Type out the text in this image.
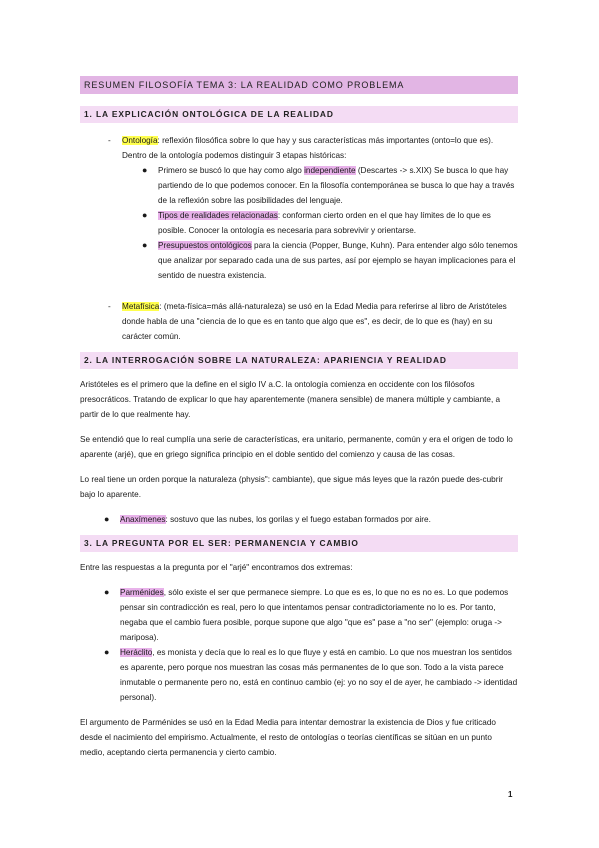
RESUMEN FILOSOFÍA TEMA 3: LA REALIDAD COMO PROBLEMA
1. LA EXPLICACIÓN ONTOLÓGICA DE LA REALIDAD
- Ontología: reflexión filosófica sobre lo que hay y sus características más importantes (onto=lo que es). Dentro de la ontología podemos distinguir 3 etapas históricas:
● Primero se buscó lo que hay como algo independiente (Descartes -> s.XIX) Se busca lo que hay partiendo de lo que podemos conocer. En la filosofía contemporánea se busca lo que hay a través de la reflexión sobre las posibilidades del lenguaje.
● Tipos de realidades relacionadas: conforman cierto orden en el que hay límites de lo que es posible. Conocer la ontología es necesaria para sobrevivir y orientarse.
● Presupuestos ontológicos para la ciencia (Popper, Bunge, Kuhn). Para entender algo sólo tenemos que analizar por separado cada una de sus partes, así por ejemplo se hayan implicaciones para el sentido de nuestra existencia.
- Metafísica: (meta-física=más allá-naturaleza) se usó en la Edad Media para referirse al libro de Aristóteles donde habla de una "ciencia de lo que es en tanto que algo que es", es decir, de lo que es (hay) en su carácter común.
2. LA INTERROGACIÓN SOBRE LA NATURALEZA: APARIENCIA Y REALIDAD

Aristóteles es el primero que la define en el siglo IV a.C. la ontología comienza en occidente con los filósofos presocráticos. Tratando de explicar lo que hay aparentemente (manera sensible) de manera múltiple y cambiante, a partir de lo que realmente hay.

Se entendió que lo real cumplía una serie de características, era unitario, permanente, común y era el origen de todo lo aparente (arjé), que en griego significa principio en el doble sentido del comienzo y causa de las cosas.

Lo real tiene un orden porque la naturaleza (physis": cambiante), que sigue más leyes que la razón puede des-cubrir bajo lo aparente.

● Anaxímenes: sostuvo que las nubes, los gorilas y el fuego estaban formados por aire.
3. LA PREGUNTA POR EL SER: PERMANENCIA Y CAMBIO

Entre las respuestas a la pregunta por el "arjé" encontramos dos extremas:

● Parménides, sólo existe el ser que permanece siempre. Lo que es es, lo que no es no es. Lo que podemos pensar sin contradicción es real, pero lo que intentamos pensar contradictoriamente no lo es. Por tanto, negaba que el cambio fuera posible, porque supone que algo "que es" pase a "no ser" (ejemplo: oruga -> mariposa).
● Heráclito, es monista y decía que lo real es lo que fluye y está en cambio. Lo que nos muestran los sentidos es aparente, pero porque nos muestran las cosas más permanentes de lo que son. Todo a la vista parece inmutable o permanente pero no, está en continuo cambio (ej: yo no soy el de ayer, he cambiado -> identidad personal).

El argumento de Parménides se usó en la Edad Media para intentar demostrar la existencia de Dios y fue criticado desde el nacimiento del empirismo. Actualmente, el resto de ontologías o teorías científicas se sitúan en un punto medio, aceptando cierta permanencia y cierto cambio.

1
